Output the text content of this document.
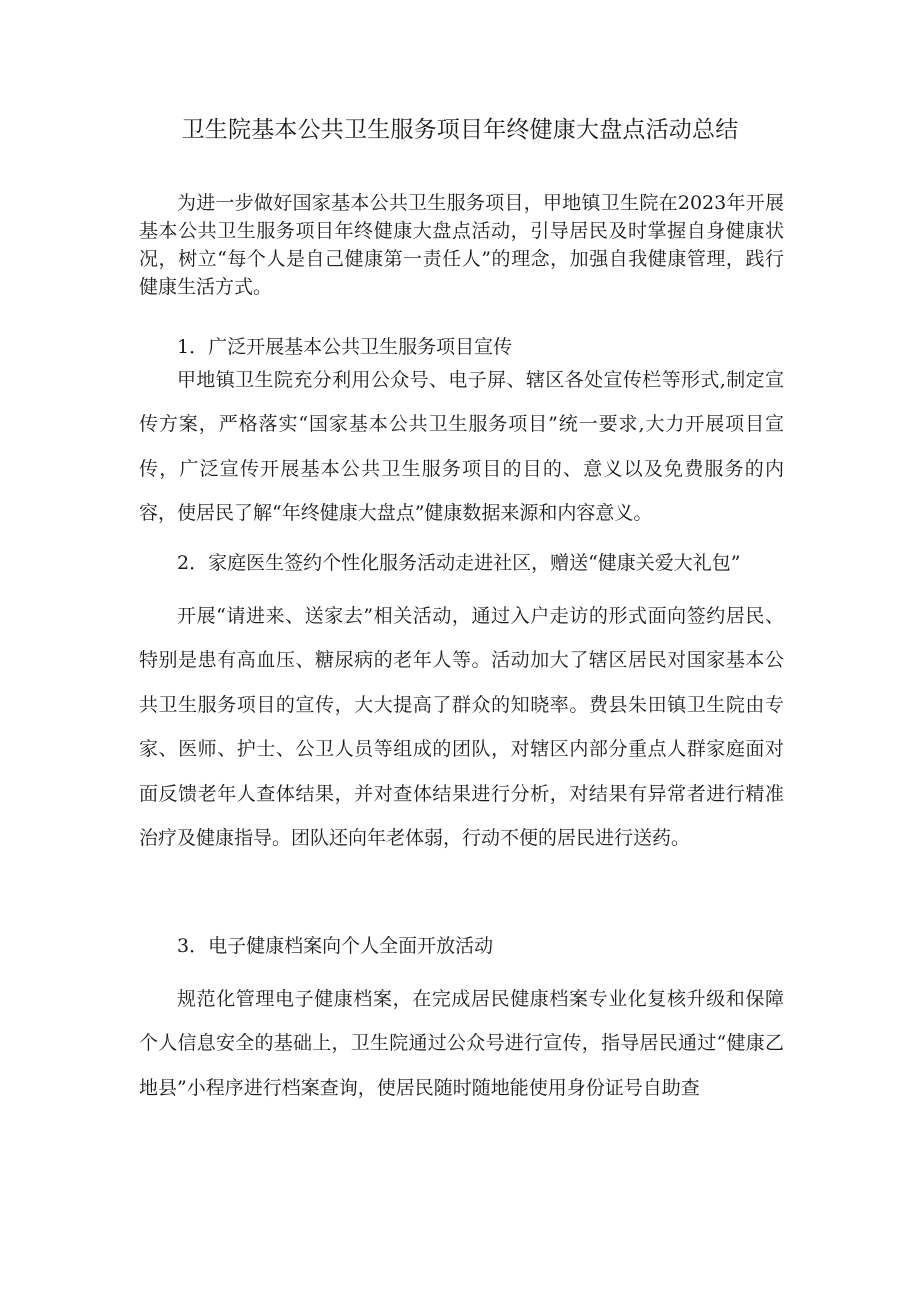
卫生院基本公共卫生服务项目年终健康大盘点活动总结

为进一步做好国家基本公共卫生服务项目，甲地镇卫生院在2023年开展基本公共卫生服务项目年终健康大盘点活动，引导居民及时掌握自身健康状况，树立“每个人是自己健康第一责任人”的理念，加强自我健康管理，践行健康生活方式。

1．广泛开展基本公共卫生服务项目宣传

甲地镇卫生院充分利用公众号、电子屏、辖区各处宣传栏等形式,制定宣传方案，严格落实“国家基本公共卫生服务项目”统一要求,大力开展项目宣传，广泛宣传开展基本公共卫生服务项目的目的、意义以及免费服务的内容，使居民了解“年终健康大盘点”健康数据来源和内容意义。

2．家庭医生签约个性化服务活动走进社区，赠送“健康关爱大礼包”

开展“请进来、送家去”相关活动，通过入户走访的形式面向签约居民、特别是患有高血压、糖尿病的老年人等。活动加大了辖区居民对国家基本公共卫生服务项目的宣传，大大提高了群众的知晓率。费县朱田镇卫生院由专家、医师、护士、公卫人员等组成的团队，对辖区内部分重点人群家庭面对面反馈老年人查体结果，并对查体结果进行分析，对结果有异常者进行精准治疗及健康指导。团队还向年老体弱，行动不便的居民进行送药。

3．电子健康档案向个人全面开放活动

规范化管理电子健康档案，在完成居民健康档案专业化复核升级和保障个人信息安全的基础上，卫生院通过公众号进行宣传，指导居民通过“健康乙地县”小程序进行档案查询，使居民随时随地能使用身份证号自助查
